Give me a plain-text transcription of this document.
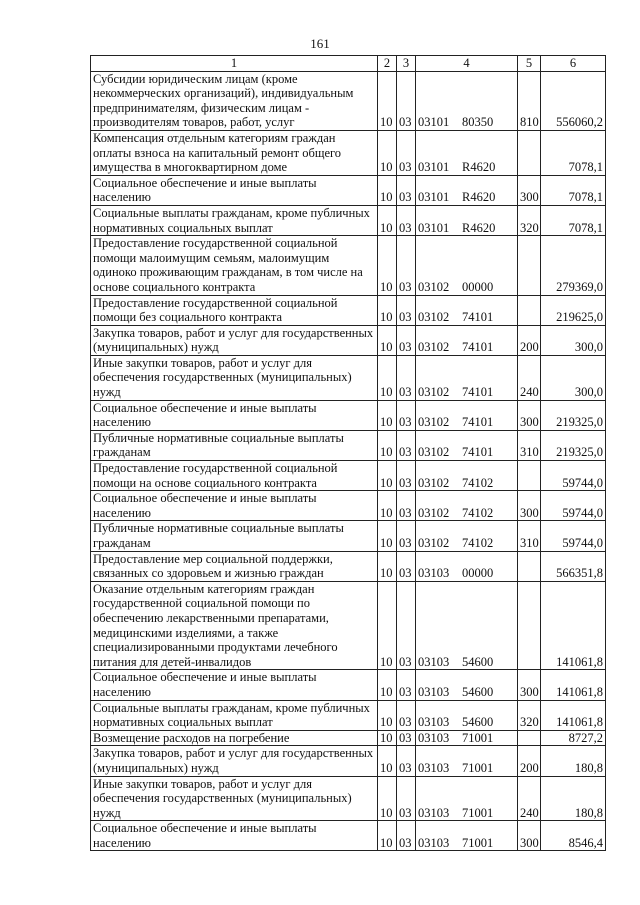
161
1	2	3	4	5	6
Субсидии юридическим лицам (кроме некоммерческих организаций), индивидуальным предпринимателям, физическим лицам - производителям товаров, работ, услуг	10	03	03101 80350	810	556060,2
Компенсация отдельным категориям граждан оплаты взноса на капитальный ремонт общего имущества в многоквартирном доме	10	03	03101 R4620		7078,1
Социальное обеспечение и иные выплаты населению	10	03	03101 R4620	300	7078,1
Социальные выплаты гражданам, кроме публичных нормативных социальных выплат	10	03	03101 R4620	320	7078,1
Предоставление государственной социальной помощи малоимущим семьям, малоимущим одиноко проживающим гражданам, в том числе на основе социального контракта	10	03	03102 00000		279369,0
Предоставление государственной социальной помощи без социального контракта	10	03	03102 74101		219625,0
Закупка товаров, работ и услуг для государственных (муниципальных) нужд	10	03	03102 74101	200	300,0
Иные закупки товаров, работ и услуг для обеспечения государственных (муниципальных) нужд	10	03	03102 74101	240	300,0
Социальное обеспечение и иные выплаты населению	10	03	03102 74101	300	219325,0
Публичные нормативные социальные выплаты гражданам	10	03	03102 74101	310	219325,0
Предоставление государственной социальной помощи на основе социального контракта	10	03	03102 74102		59744,0
Социальное обеспечение и иные выплаты населению	10	03	03102 74102	300	59744,0
Публичные нормативные социальные выплаты гражданам	10	03	03102 74102	310	59744,0
Предоставление мер социальной поддержки, связанных со здоровьем и жизнью граждан	10	03	03103 00000		566351,8
Оказание отдельным категориям граждан государственной социальной помощи по обеспечению лекарственными препаратами, медицинскими изделиями, а также специализированными продуктами лечебного питания для детей-инвалидов	10	03	03103 54600		141061,8
Социальное обеспечение и иные выплаты населению	10	03	03103 54600	300	141061,8
Социальные выплаты гражданам, кроме публичных нормативных социальных выплат	10	03	03103 54600	320	141061,8
Возмещение расходов на погребение	10	03	03103 71001		8727,2
Закупка товаров, работ и услуг для государственных (муниципальных) нужд	10	03	03103 71001	200	180,8
Иные закупки товаров, работ и услуг для обеспечения государственных (муниципальных) нужд	10	03	03103 71001	240	180,8
Социальное обеспечение и иные выплаты населению	10	03	03103 71001	300	8546,4
